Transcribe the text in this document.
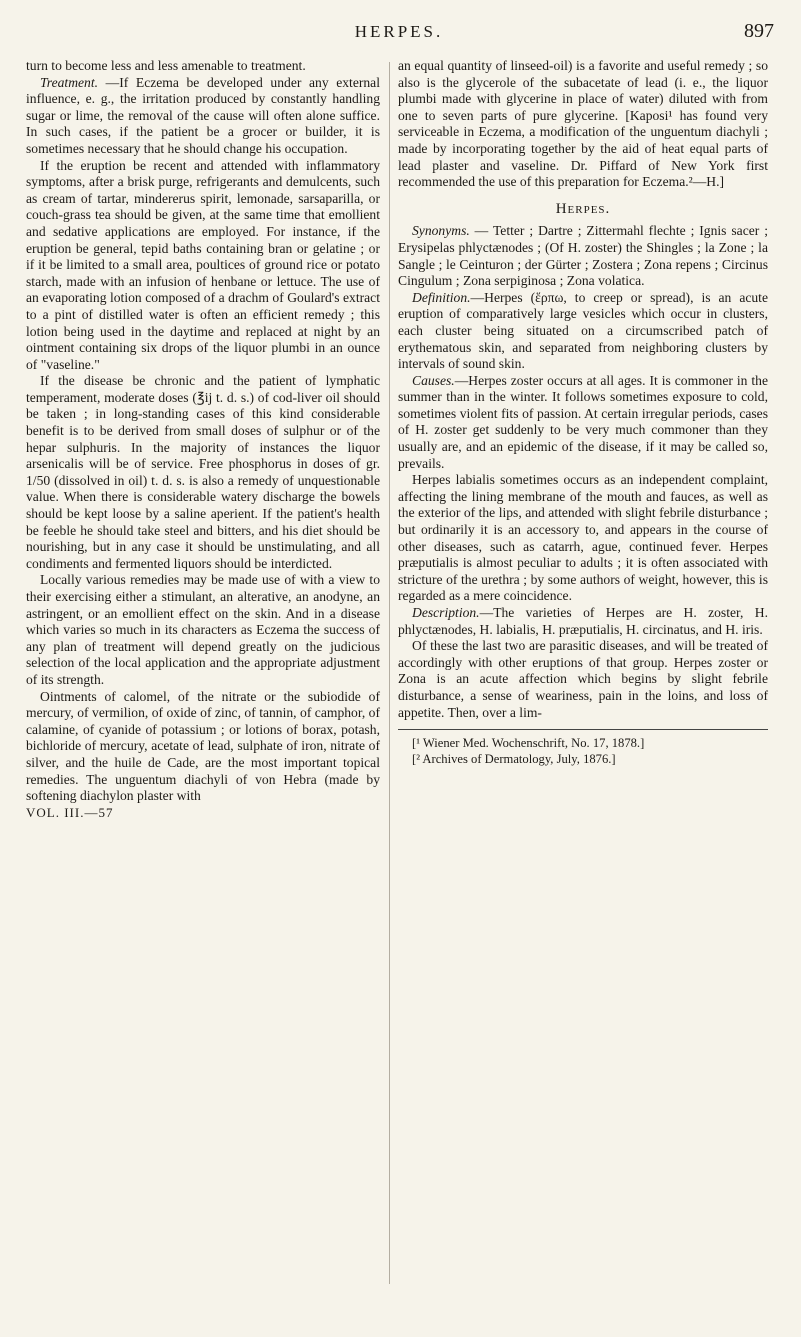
HERPES.	897

turn to become less and less amenable to treatment.

Treatment. —If Eczema be developed under any external influence, e. g., the irritation produced by constantly handling sugar or lime, the removal of the cause will often alone suffice. In such cases, if the patient be a grocer or builder, it is sometimes necessary that he should change his occupation.

If the eruption be recent and attended with inflammatory symptoms, after a brisk purge, refrigerants and demulcents, such as cream of tartar, mindererus spirit, lemonade, sarsaparilla, or couch-grass tea should be given, at the same time that emollient and sedative applications are employed. For instance, if the eruption be general, tepid baths containing bran or gelatine ; or if it be limited to a small area, poultices of ground rice or potato starch, made with an infusion of henbane or lettuce. The use of an evaporating lotion composed of a drachm of Goulard's extract to a pint of distilled water is often an efficient remedy ; this lotion being used in the daytime and replaced at night by an ointment containing six drops of the liquor plumbi in an ounce of "vaseline."

If the disease be chronic and the patient of lymphatic temperament, moderate doses (℥ij t. d. s.) of cod-liver oil should be taken ; in long-standing cases of this kind considerable benefit is to be derived from small doses of sulphur or of the hepar sulphuris. In the majority of instances the liquor arsenicalis will be of service. Free phosphorus in doses of gr. 1/50 (dissolved in oil) t. d. s. is also a remedy of unquestionable value. When there is considerable watery discharge the bowels should be kept loose by a saline aperient. If the patient's health be feeble he should take steel and bitters, and his diet should be nourishing, but in any case it should be unstimulating, and all condiments and fermented liquors should be interdicted.

Locally various remedies may be made use of with a view to their exercising either a stimulant, an alterative, an anodyne, an astringent, or an emollient effect on the skin. And in a disease which varies so much in its characters as Eczema the success of any plan of treatment will depend greatly on the judicious selection of the local application and the appropriate adjustment of its strength.

Ointments of calomel, of the nitrate or the subiodide of mercury, of vermilion, of oxide of zinc, of tannin, of camphor, of calamine, of cyanide of potassium ; or lotions of borax, potash, bichloride of mercury, acetate of lead, sulphate of iron, nitrate of silver, and the huile de Cade, are the most important topical remedies. The unguentum diachyli of von Hebra (made by softening diachylon plaster with

VOL. III.—57

an equal quantity of linseed-oil) is a favorite and useful remedy ; so also is the glycerole of the subacetate of lead (i. e., the liquor plumbi made with glycerine in place of water) diluted with from one to seven parts of pure glycerine. [Kaposi¹ has found very serviceable in Eczema, a modification of the unguentum diachyli ; made by incorporating together by the aid of heat equal parts of lead plaster and vaseline. Dr. Piffard of New York first recommended the use of this preparation for Eczema.²—H.]

Herpes.

Synonyms. — Tetter ; Dartre ; Zittermahl flechte ; Ignis sacer ; Erysipelas phlyctænodes ; (Of H. zoster) the Shingles ; la Zone ; la Sangle ; le Ceinturon ; der Gürter ; Zostera ; Zona repens ; Circinus Cingulum ; Zona serpiginosa ; Zona volatica.

Definition.—Herpes (ἕρπω, to creep or spread), is an acute eruption of comparatively large vesicles which occur in clusters, each cluster being situated on a circumscribed patch of erythematous skin, and separated from neighboring clusters by intervals of sound skin.

Causes.—Herpes zoster occurs at all ages. It is commoner in the summer than in the winter. It follows sometimes exposure to cold, sometimes violent fits of passion. At certain irregular periods, cases of H. zoster get suddenly to be very much commoner than they usually are, and an epidemic of the disease, if it may be called so, prevails.

Herpes labialis sometimes occurs as an independent complaint, affecting the lining membrane of the mouth and fauces, as well as the exterior of the lips, and attended with slight febrile disturbance ; but ordinarily it is an accessory to, and appears in the course of other diseases, such as catarrh, ague, continued fever. Herpes præputialis is almost peculiar to adults ; it is often associated with stricture of the urethra ; by some authors of weight, however, this is regarded as a mere coincidence.

Description.—The varieties of Herpes are H. zoster, H. phlyctænodes, H. labialis, H. præputialis, H. circinatus, and H. iris.

Of these the last two are parasitic diseases, and will be treated of accordingly with other eruptions of that group. Herpes zoster or Zona is an acute affection which begins by slight febrile disturbance, a sense of weariness, pain in the loins, and loss of appetite. Then, over a lim-

[¹ Wiener Med. Wochenschrift, No. 17, 1878.]

[² Archives of Dermatology, July, 1876.]
